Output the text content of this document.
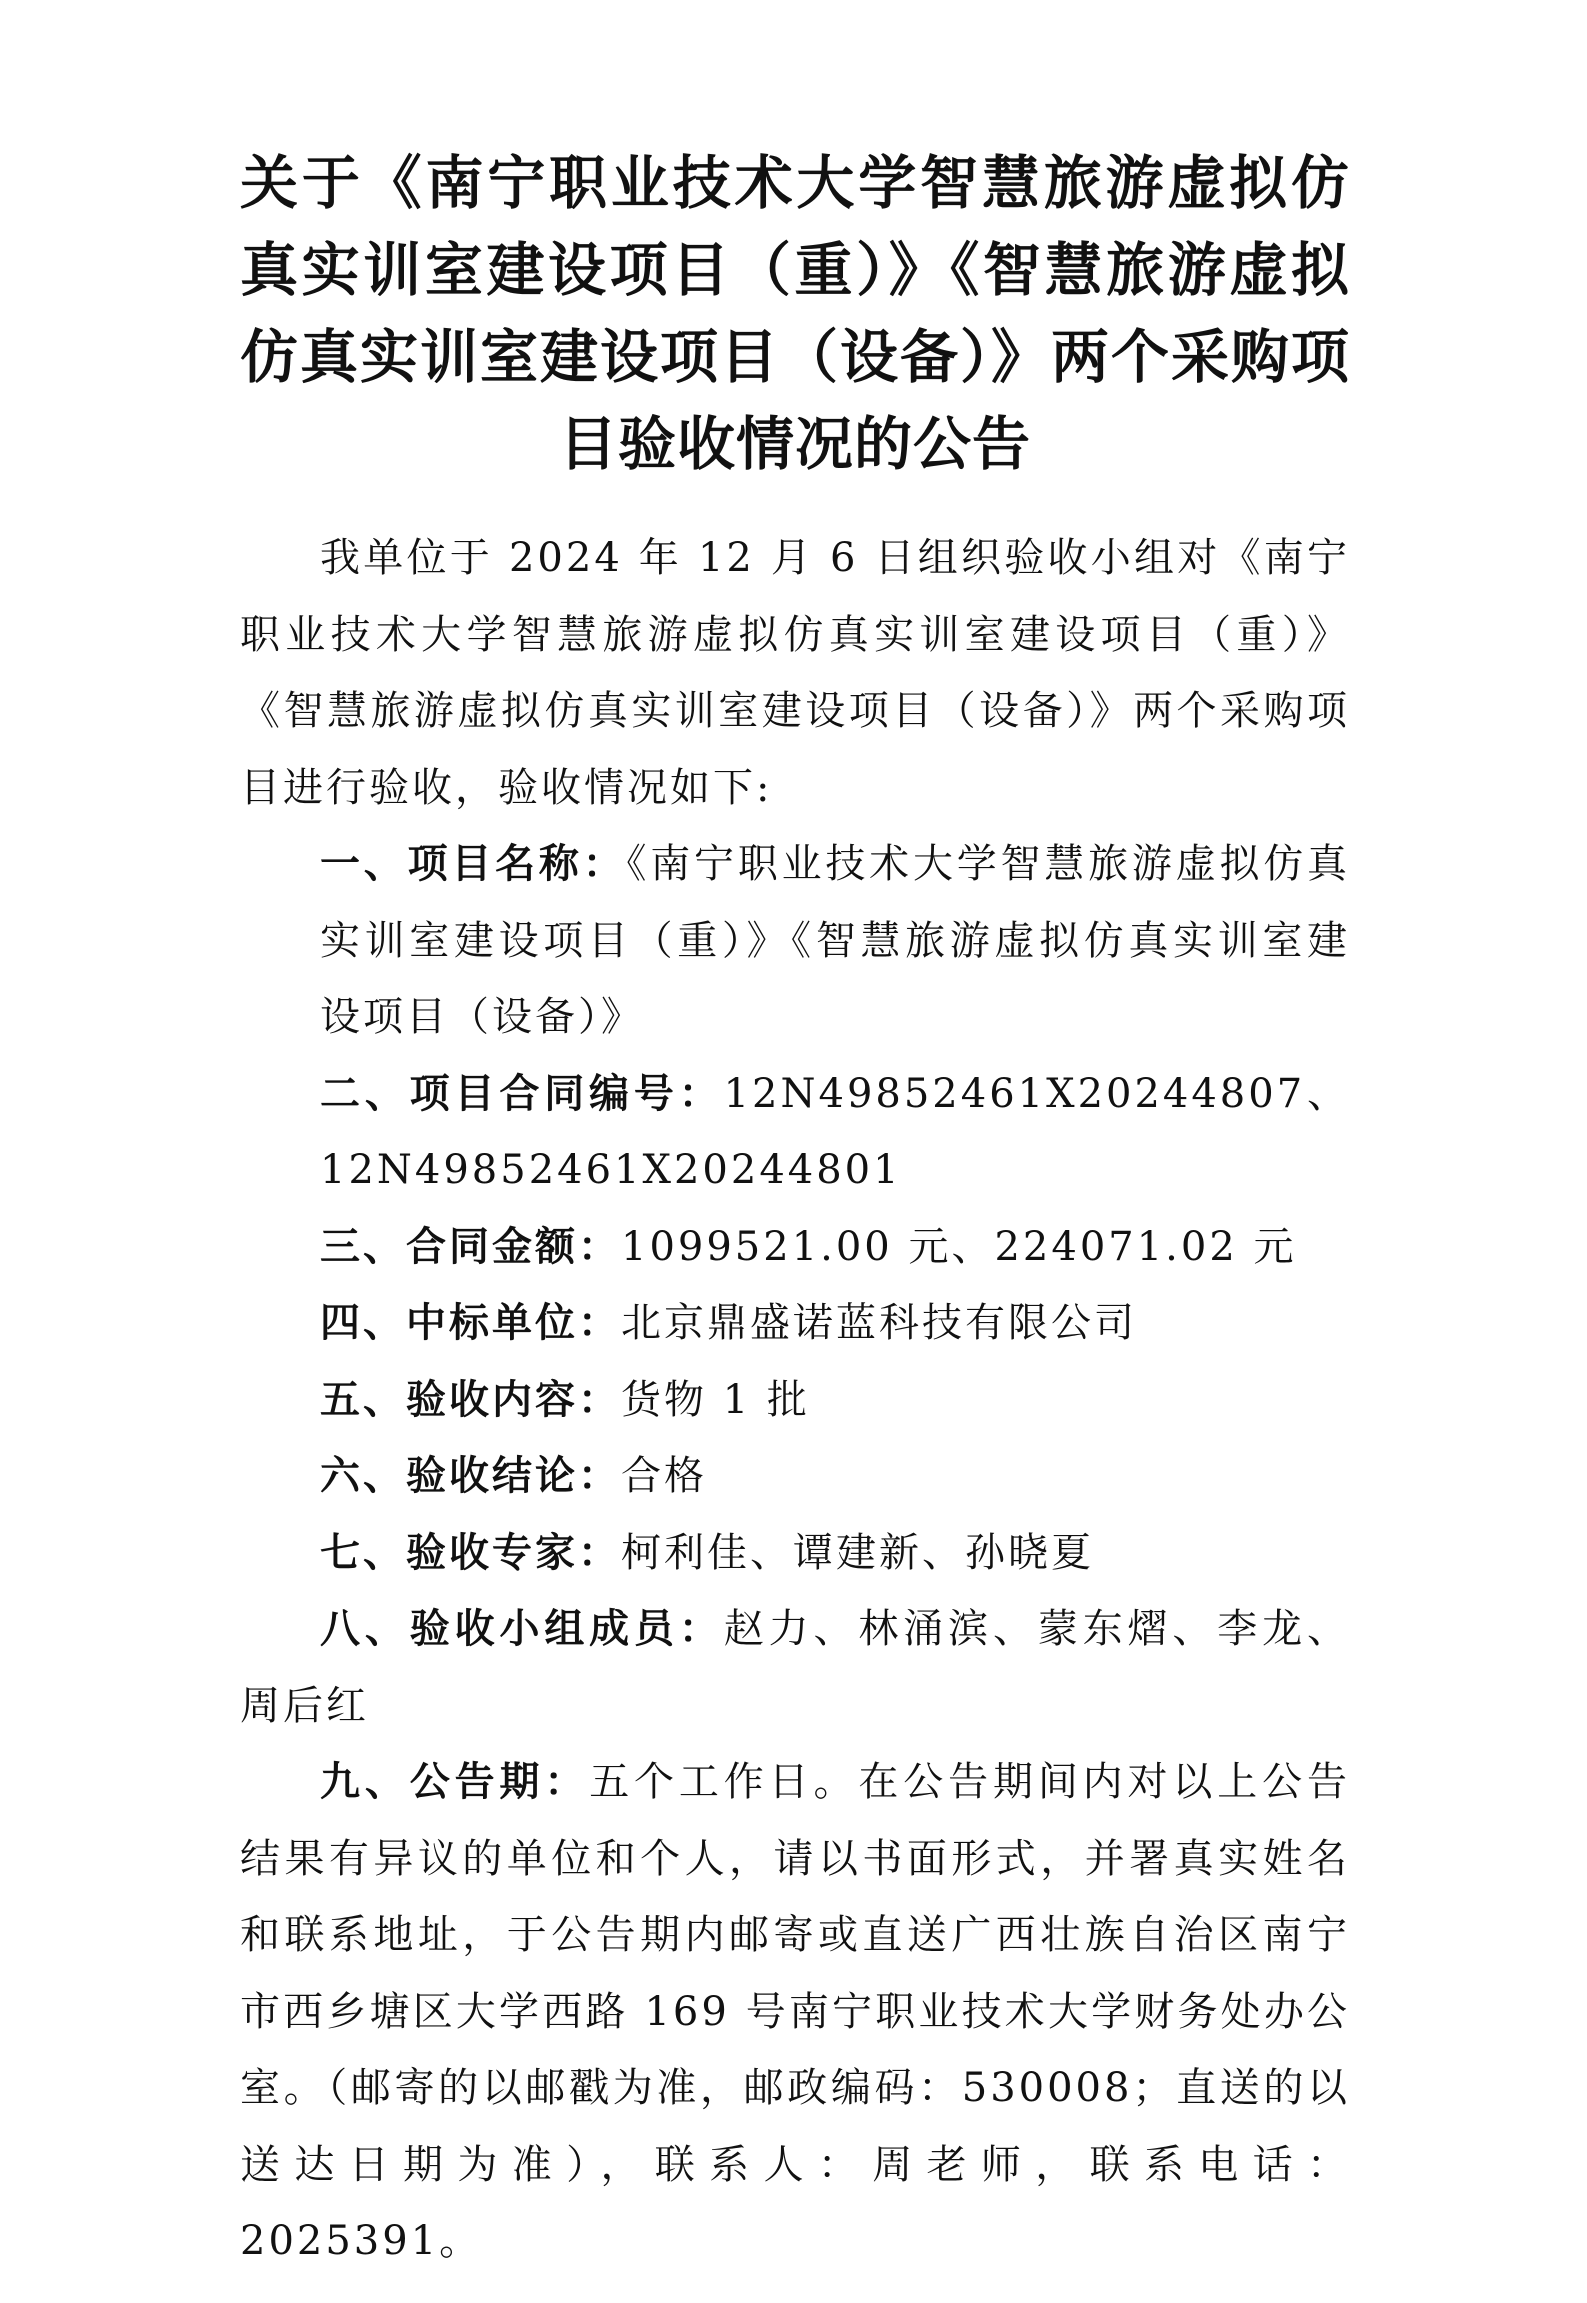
关于《南宁职业技术大学智慧旅游虚拟仿真实训室建设项目（重）》《智慧旅游虚拟仿真实训室建设项目（设备）》两个采购项目验收情况的公告

我单位于 2024 年 12 月 6 日组织验收小组对《南宁职业技术大学智慧旅游虚拟仿真实训室建设项目（重）》《智慧旅游虚拟仿真实训室建设项目（设备）》两个采购项目进行验收，验收情况如下:

一、项目名称：《南宁职业技术大学智慧旅游虚拟仿真实训室建设项目（重）》《智慧旅游虚拟仿真实训室建设项目（设备）》

二、项目合同编号：12N49852461X20244807、

12N49852461X20244801

三、合同金额：1099521.00 元、224071.02 元

四、中标单位：北京鼎盛诺蓝科技有限公司

五、验收内容：货物 1 批

六、验收结论：合格

七、验收专家：柯利佳、谭建新、孙晓夏

八、验收小组成员：赵力、林涌滨、蒙东熠、李龙、周后红

九、公告期：五个工作日。在公告期间内对以上公告结果有异议的单位和个人，请以书面形式，并署真实姓名和联系地址，于公告期内邮寄或直送广西壮族自治区南宁市西乡塘区大学西路 169 号南宁职业技术大学财务处办公室。（邮寄的以邮戳为准，邮政编码：530008；直送的以送达日期为准），联系人：周老师，联系电话：2025391。
